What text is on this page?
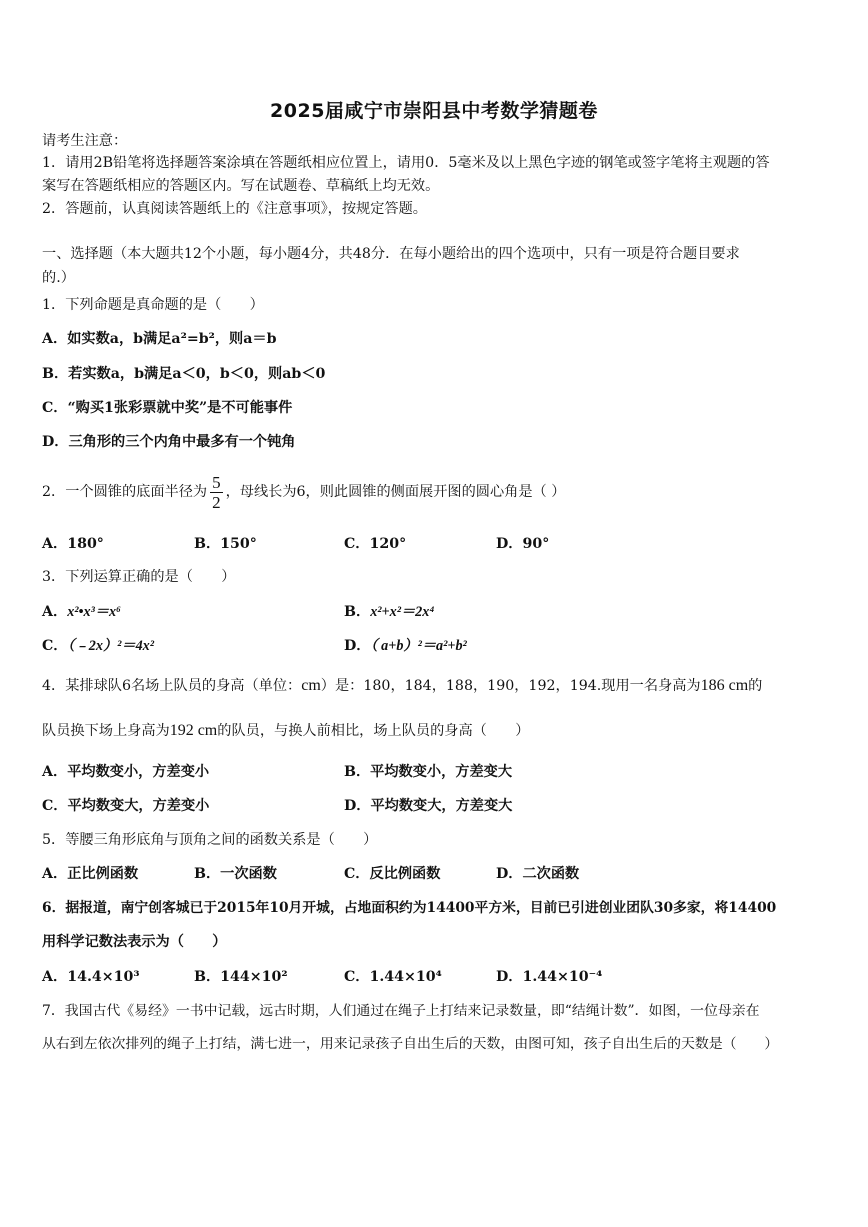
2025届咸宁市崇阳县中考数学猜题卷
请考生注意：
1．请用2B铅笔将选择题答案涂填在答题纸相应位置上，请用0．5毫米及以上黑色字迹的钢笔或签字笔将主观题的答
案写在答题纸相应的答题区内。写在试题卷、草稿纸上均无效。
2．答题前，认真阅读答题纸上的《注意事项》，按规定答题。
一、选择题（本大题共12个小题，每小题4分，共48分．在每小题给出的四个选项中，只有一项是符合题目要求
的.）
1．下列命题是真命题的是（　　）
A．如实数a，b满足a²=b²，则a＝b
B．若实数a，b满足a＜0，b＜0，则ab＜0
C．“购买1张彩票就中奖”是不可能事件
D．三角形的三个内角中最多有一个钝角
2．一个圆锥的底面半径为 $\frac{5}{2}$ ，母线长为6，则此圆锥的侧面展开图的圆心角是（ ）
A．180°	B．150°	C．120°	D．90°
3．下列运算正确的是（　　）
A．x²•x³＝x⁶	B．x²+x²＝2x⁴
C．（﹣2x）²＝4x²	D．（ a+b）²＝a²+b²
4．某排球队6名场上队员的身高（单位：cm）是：180，184，188，190，192，194.现用一名身高为186 cm的
队员换下场上身高为192 cm的队员，与换人前相比，场上队员的身高（　　）
A．平均数变小，方差变小	B．平均数变小，方差变大
C．平均数变大，方差变小	D．平均数变大，方差变大
5．等腰三角形底角与顶角之间的函数关系是（　　）
A．正比例函数	B．一次函数	C．反比例函数	D．二次函数
6．据报道，南宁创客城已于2015年10月开城，占地面积约为14400平方米，目前已引进创业团队30多家，将14400
用科学记数法表示为（　　）
A．14.4×10³	B．144×10²	C．1.44×10⁴	D．1.44×10⁻⁴
7．我国古代《易经》一书中记载，远古时期，人们通过在绳子上打结来记录数量，即“结绳计数”．如图，一位母亲在
从右到左依次排列的绳子上打结，满七进一，用来记录孩子自出生后的天数，由图可知，孩子自出生后的天数是（　　）
